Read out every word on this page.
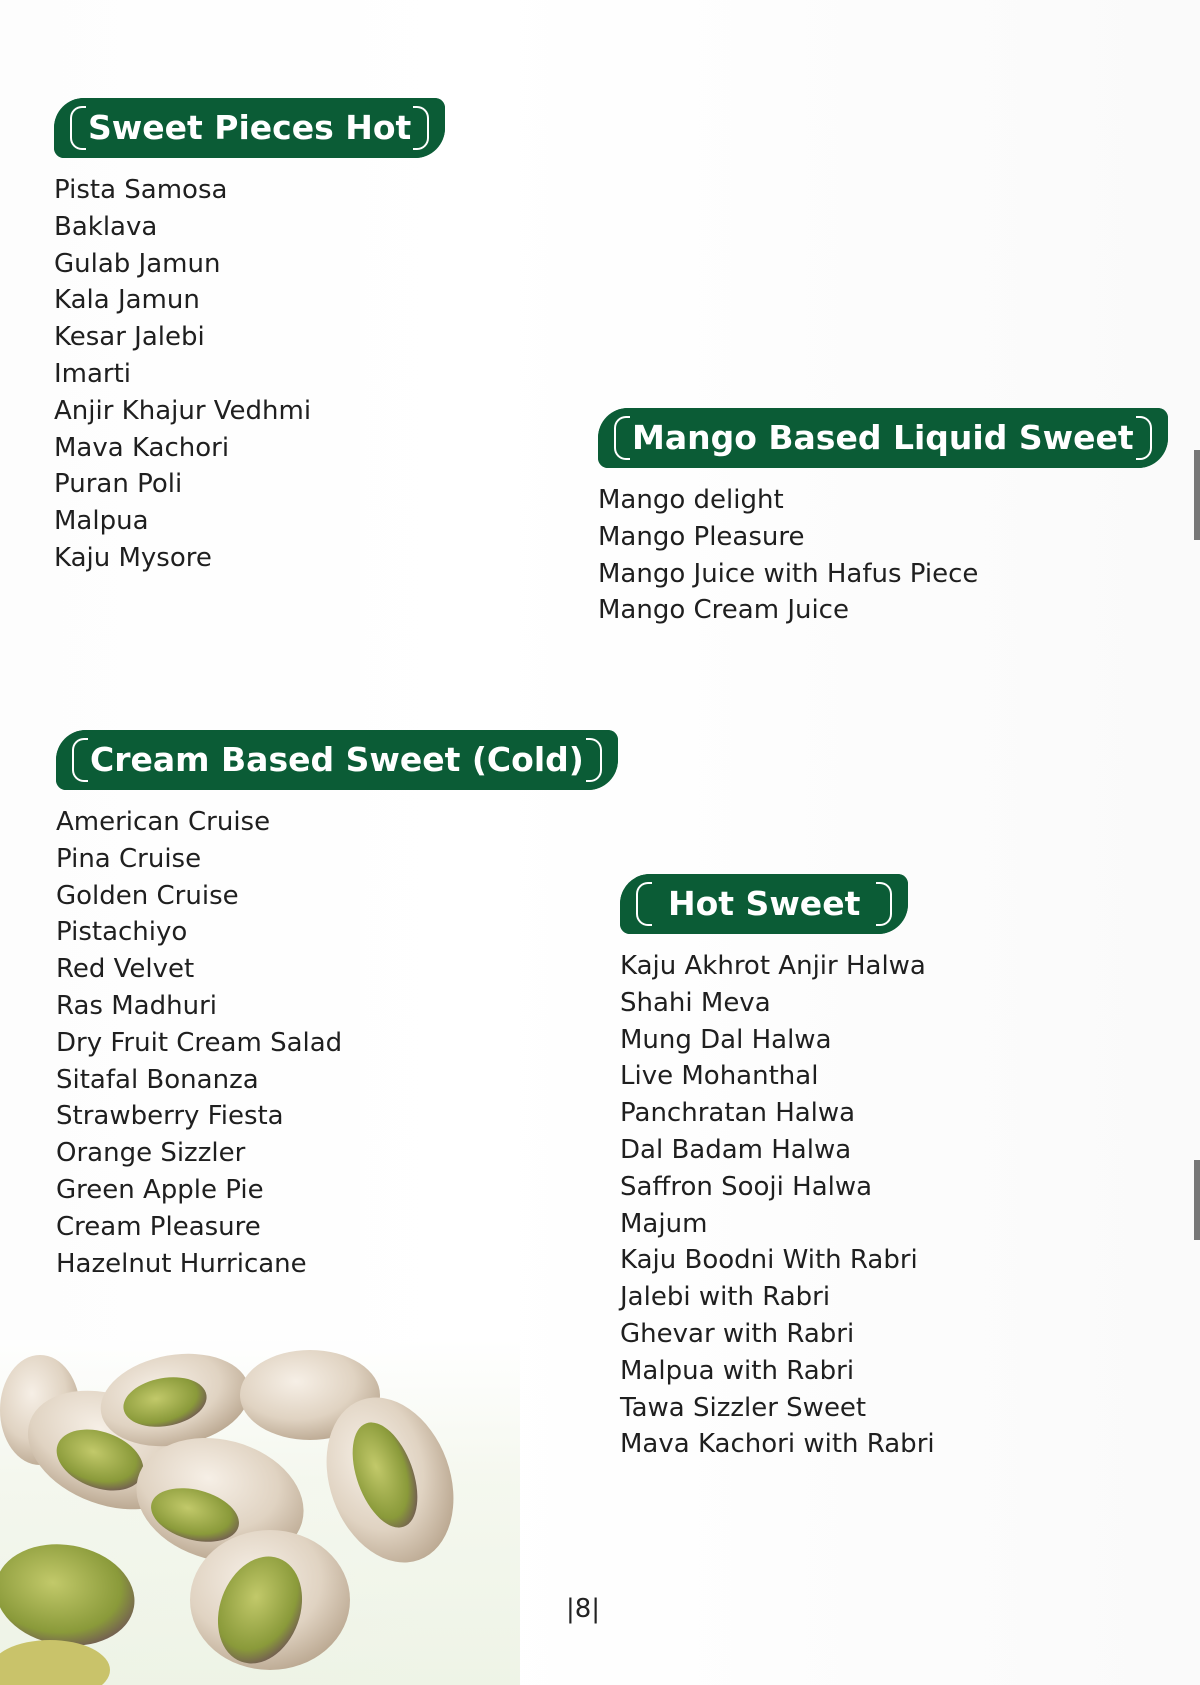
Sweet Pieces Hot
Pista Samosa
Baklava
Gulab Jamun
Kala Jamun
Kesar Jalebi
Imarti
Anjir Khajur Vedhmi
Mava Kachori
Puran Poli
Malpua
Kaju Mysore
Mango Based Liquid Sweet
Mango delight
Mango Pleasure
Mango Juice with Hafus Piece
Mango Cream Juice
Cream Based Sweet (Cold)
American Cruise
Pina Cruise
Golden Cruise
Pistachiyo
Red Velvet
Ras Madhuri
Dry Fruit Cream Salad
Sitafal Bonanza
Strawberry Fiesta
Orange Sizzler
Green Apple Pie
Cream Pleasure
Hazelnut Hurricane
Hot Sweet
Kaju Akhrot Anjir Halwa
Shahi Meva
Mung Dal Halwa
Live Mohanthal
Panchratan Halwa
Dal Badam Halwa
Saffron Sooji Halwa
Majum
Kaju Boodni With Rabri
Jalebi with Rabri
Ghevar with Rabri
Malpua with Rabri
Tawa Sizzler Sweet
Mava Kachori with Rabri
|8|
